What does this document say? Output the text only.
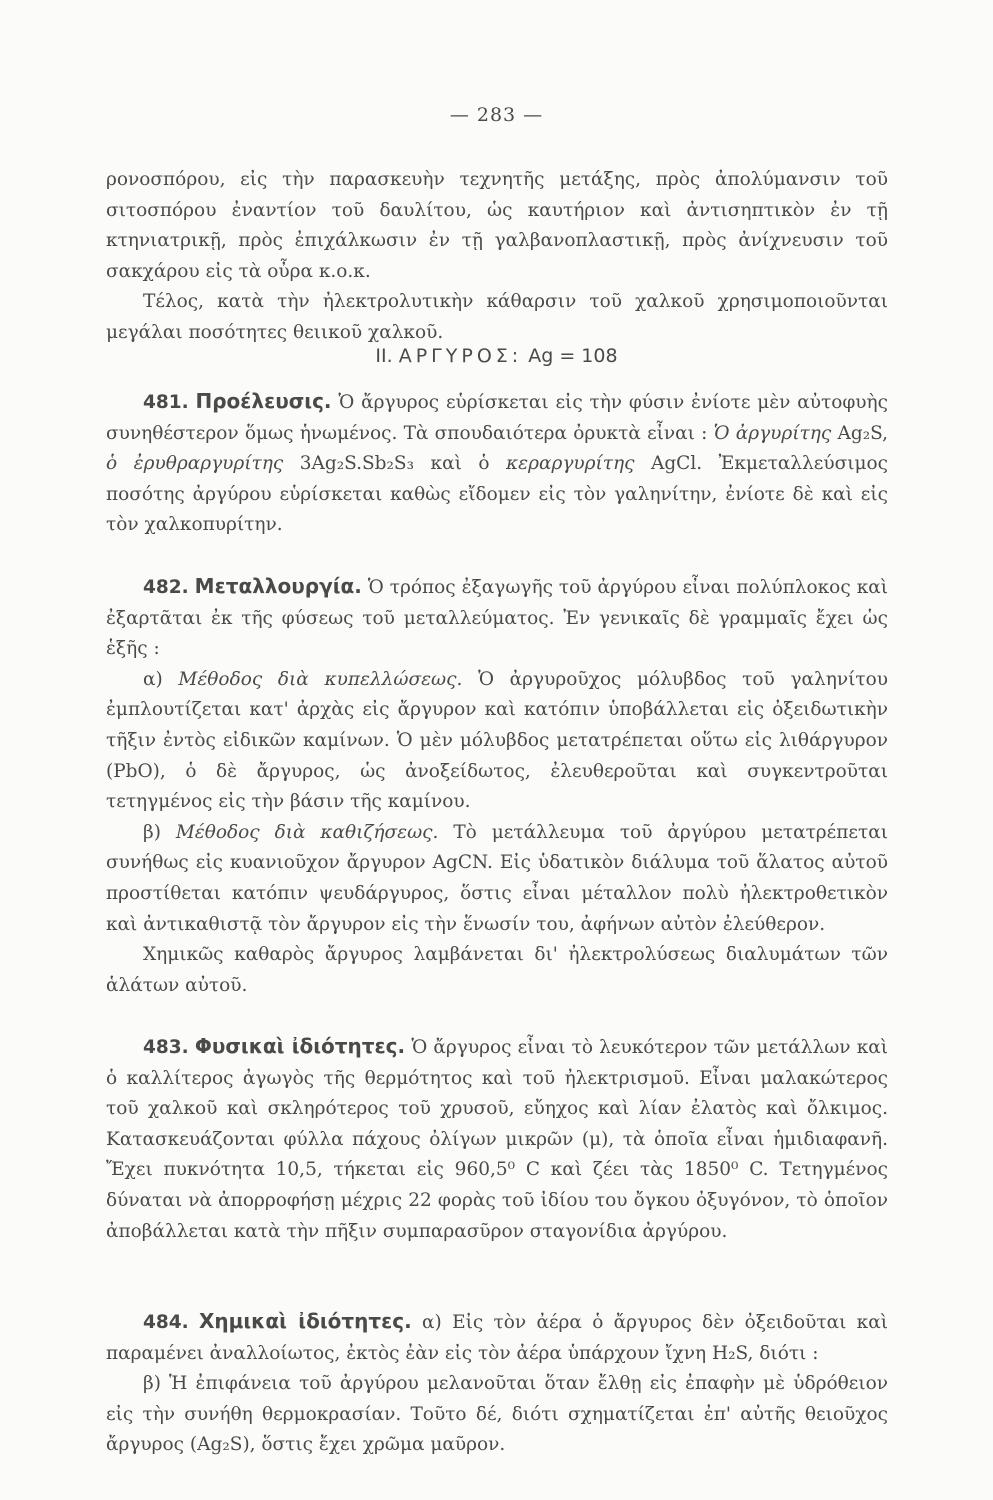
— 283 —

ρονοσπόρου, εἰς τὴν παρασκευὴν τεχνητῆς μετάξης, πρὸς ἀπολύμανσιν τοῦ σιτοσπόρου ἐναντίον τοῦ δαυλίτου, ὡς καυτήριον καὶ ἀντισηπτικὸν ἐν τῇ κτηνιατρικῇ, πρὸς ἐπιχάλκωσιν ἐν τῇ γαλβανοπλαστικῇ, πρὸς ἀνίχνευσιν τοῦ σακχάρου εἰς τὰ οὖρα κ.ο.κ.

Τέλος, κατὰ τὴν ἠλεκτρολυτικὴν κάθαρσιν τοῦ χαλκοῦ χρησιμοποιοῦνται μεγάλαι ποσότητες θειικοῦ χαλκοῦ.

II. ΑΡΓΥΡΟΣ: Ag = 108

481. Προέλευσις. Ὁ ἄργυρος εὑρίσκεται εἰς τὴν φύσιν ἐνίοτε μὲν αὐτοφυὴς συνηθέστερον ὅμως ἡνωμένος. Τὰ σπουδαιότερα ὀρυκτὰ εἶναι : Ὁ ἀργυρίτης Ag₂S, ὁ ἐρυθραργυρίτης 3Ag₂S.Sb₂S₃ καὶ ὁ κεραργυρίτης AgCl. Ἐκμεταλλεύσιμος ποσότης ἀργύρου εὑρίσκεται καθὼς εἴδομεν εἰς τὸν γαληνίτην, ἐνίοτε δὲ καὶ εἰς τὸν χαλκοπυρίτην.

482. Μεταλλουργία. Ὁ τρόπος ἐξαγωγῆς τοῦ ἀργύρου εἶναι πολύπλοκος καὶ ἐξαρτᾶται ἐκ τῆς φύσεως τοῦ μεταλλεύματος. Ἐν γενικαῖς δὲ γραμμαῖς ἔχει ὡς ἑξῆς :

α) Μέθοδος διὰ κυπελλώσεως. Ὁ ἀργυροῦχος μόλυβδος τοῦ γαληνίτου ἐμπλουτίζεται κατ' ἀρχὰς εἰς ἄργυρον καὶ κατόπιν ὑποβάλλεται εἰς ὀξειδωτικὴν τῆξιν ἐντὸς εἰδικῶν καμίνων. Ὁ μὲν μόλυβδος μετατρέπεται οὕτω εἰς λιθάργυρον (PbO), ὁ δὲ ἄργυρος, ὡς ἀνοξείδωτος, ἐλευθεροῦται καὶ συγκεντροῦται τετηγμένος εἰς τὴν βάσιν τῆς καμίνου.

β) Μέθοδος διὰ καθιζήσεως. Τὸ μετάλλευμα τοῦ ἀργύρου μετατρέπεται συνήθως εἰς κυανιοῦχον ἄργυρον AgCN. Εἰς ὑδατικὸν διάλυμα τοῦ ἅλατος αὐτοῦ προστίθεται κατόπιν ψευδάργυρος, ὅστις εἶναι μέταλλον πολὺ ἠλεκτροθετικὸν καὶ ἀντικαθιστᾷ τὸν ἄργυρον εἰς τὴν ἕνωσίν του, ἀφήνων αὐτὸν ἐλεύθερον.

Χημικῶς καθαρὸς ἄργυρος λαμβάνεται δι' ἠλεκτρολύσεως διαλυμάτων τῶν ἁλάτων αὐτοῦ.

483. Φυσικαὶ ἰδιότητες. Ὁ ἄργυρος εἶναι τὸ λευκότερον τῶν μετάλλων καὶ ὁ καλλίτερος ἀγωγὸς τῆς θερμότητος καὶ τοῦ ἠλεκτρισμοῦ. Εἶναι μαλακώτερος τοῦ χαλκοῦ καὶ σκληρότερος τοῦ χρυσοῦ, εὔηχος καὶ λίαν ἐλατὸς καὶ ὄλκιμος. Κατασκευάζονται φύλλα πάχους ὀλίγων μικρῶν (μ), τὰ ὁποῖα εἶναι ἡμιδιαφανῆ. Ἔχει πυκνότητα 10,5, τήκεται εἰς 960,5⁰ C καὶ ζέει τὰς 1850⁰ C. Τετηγμένος δύναται νὰ ἀπορροφήσῃ μέχρις 22 φορὰς τοῦ ἰδίου του ὄγκου ὀξυγόνον, τὸ ὁποῖον ἀποβάλλεται κατὰ τὴν πῆξιν συμπαρασῦρον σταγονίδια ἀργύρου.

484. Χημικαὶ ἰδιότητες. α) Εἰς τὸν ἀέρα ὁ ἄργυρος δὲν ὀξειδοῦται καὶ παραμένει ἀναλλοίωτος, ἐκτὸς ἐὰν εἰς τὸν ἀέρα ὑπάρχουν ἴχνη H₂S, διότι :

β) Ἡ ἐπιφάνεια τοῦ ἀργύρου μελανοῦται ὅταν ἔλθῃ εἰς ἐπαφὴν μὲ ὑδρόθειον εἰς τὴν συνήθη θερμοκρασίαν. Τοῦτο δέ, διότι σχηματίζεται ἐπ' αὐτῆς θειοῦχος ἄργυρος (Ag₂S), ὅστις ἔχει χρῶμα μαῦρον.
